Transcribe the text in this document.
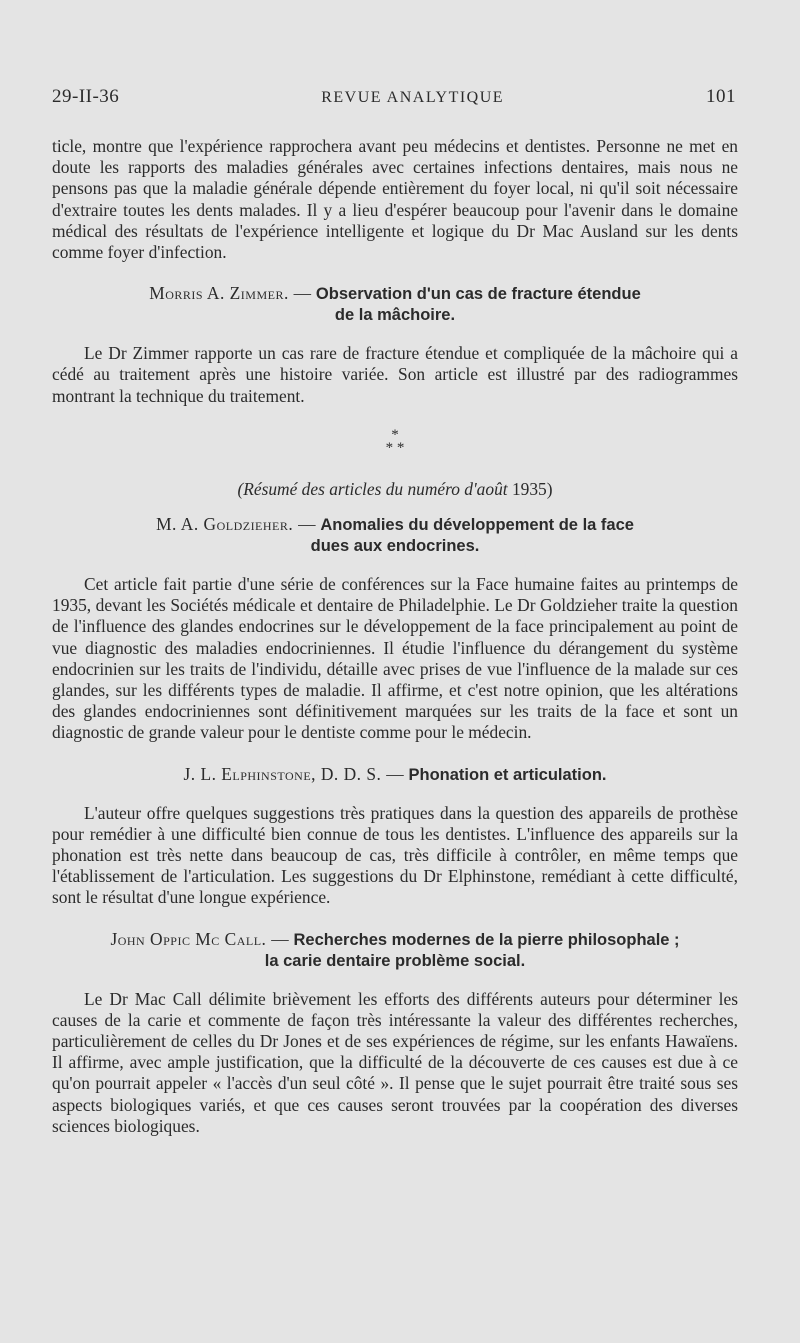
29-II-36	REVUE ANALYTIQUE	101

ticle, montre que l'expérience rapprochera avant peu médecins et dentistes. Personne ne met en doute les rapports des maladies générales avec certaines infections dentaires, mais nous ne pensons pas que la maladie générale dépende entièrement du foyer local, ni qu'il soit nécessaire d'extraire toutes les dents malades. Il y a lieu d'espérer beaucoup pour l'avenir dans le domaine médical des résultats de l'expérience intelligente et logique du Dr Mac Ausland sur les dents comme foyer d'infection.

Morris A. Zimmer. — Observation d'un cas de fracture étendue
de la mâchoire.

Le Dr Zimmer rapporte un cas rare de fracture étendue et compliquée de la mâchoire qui a cédé au traitement après une histoire variée. Son article est illustré par des radiogrammes montrant la technique du traitement.

*
* *
(Résumé des articles du numéro d'août 1935)
M. A. Goldzieher. — Anomalies du développement de la face
dues aux endocrines.

Cet article fait partie d'une série de conférences sur la Face humaine faites au printemps de 1935, devant les Sociétés médicale et dentaire de Philadelphie. Le Dr Goldzieher traite la question de l'influence des glandes endocrines sur le développement de la face principalement au point de vue diagnostic des maladies endocriniennes. Il étudie l'influence du dérangement du système endocrinien sur les traits de l'individu, détaille avec prises de vue l'influence de la malade sur ces glandes, sur les différents types de maladie. Il affirme, et c'est notre opinion, que les altérations des glandes endocriniennes sont définitivement marquées sur les traits de la face et sont un diagnostic de grande valeur pour le dentiste comme pour le médecin.

J. L. Elphinstone, D. D. S. — Phonation et articulation.

L'auteur offre quelques suggestions très pratiques dans la question des appareils de prothèse pour remédier à une difficulté bien connue de tous les dentistes. L'influence des appareils sur la phonation est très nette dans beaucoup de cas, très difficile à contrôler, en même temps que l'établissement de l'articulation. Les suggestions du Dr Elphinstone, remédiant à cette difficulté, sont le résultat d'une longue expérience.

John Oppic Mc Call. — Recherches modernes de la pierre philosophale ;
la carie dentaire problème social.

Le Dr Mac Call délimite brièvement les efforts des différents auteurs pour déterminer les causes de la carie et commente de façon très intéressante la valeur des différentes recherches, particulièrement de celles du Dr Jones et de ses expériences de régime, sur les enfants Hawaïens. Il affirme, avec ample justification, que la difficulté de la découverte de ces causes est due à ce qu'on pourrait appeler « l'accès d'un seul côté ». Il pense que le sujet pourrait être traité sous ses aspects biologiques variés, et que ces causes seront trouvées par la coopération des diverses sciences biologiques.
